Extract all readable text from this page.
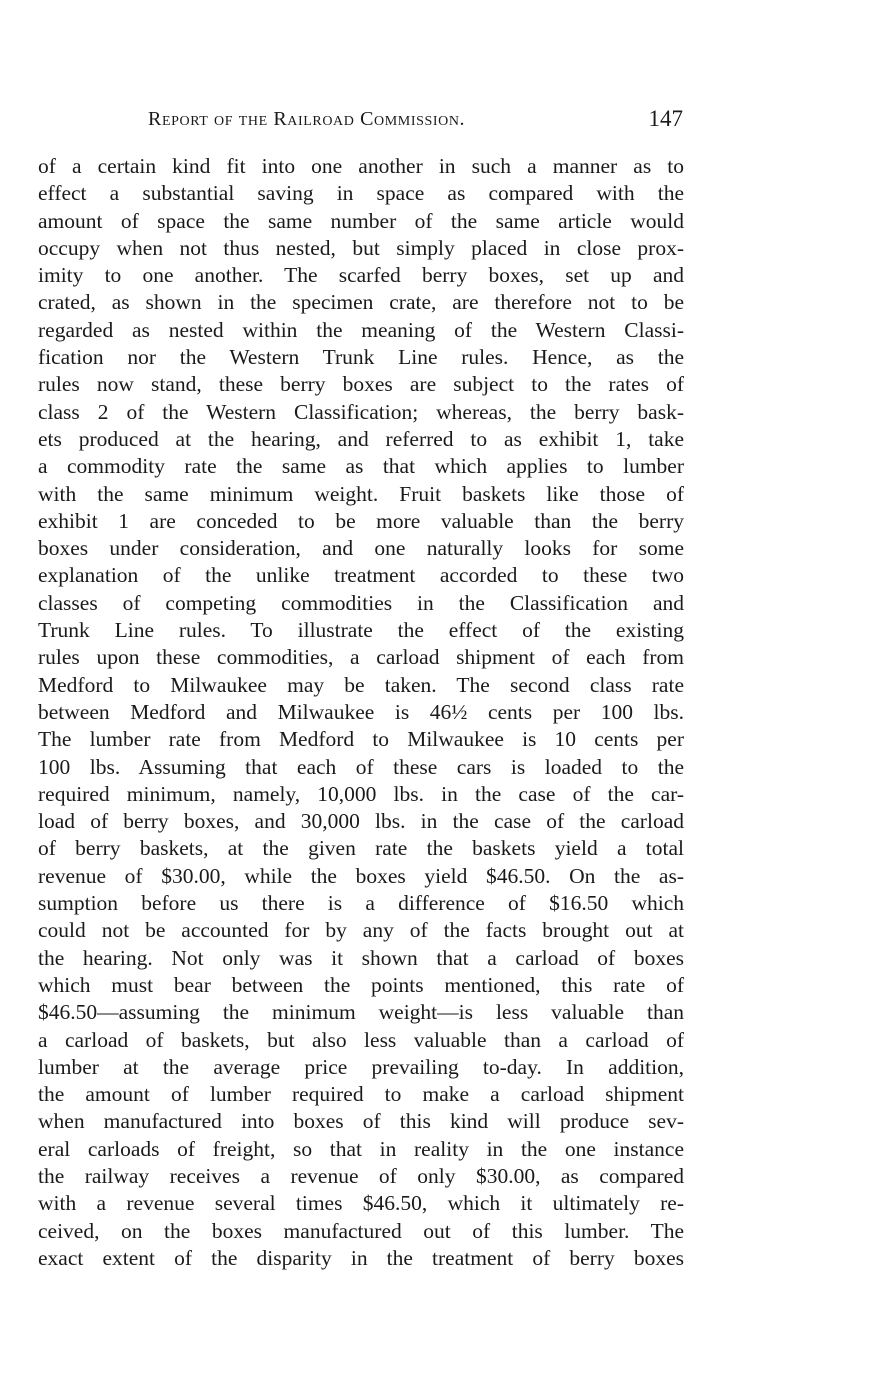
Report of the Railroad Commission.	147
of a certain kind fit into one another in such a manner as to
effect a substantial saving in space as compared with the
amount of space the same number of the same article would
occupy when not thus nested, but simply placed in close prox-
imity to one another. The scarfed berry boxes, set up and
crated, as shown in the specimen crate, are therefore not to be
regarded as nested within the meaning of the Western Classi-
fication nor the Western Trunk Line rules. Hence, as the
rules now stand, these berry boxes are subject to the rates of
class 2 of the Western Classification; whereas, the berry bask-
ets produced at the hearing, and referred to as exhibit 1, take
a commodity rate the same as that which applies to lumber
with the same minimum weight. Fruit baskets like those of
exhibit 1 are conceded to be more valuable than the berry
boxes under consideration, and one naturally looks for some
explanation of the unlike treatment accorded to these two
classes of competing commodities in the Classification and
Trunk Line rules. To illustrate the effect of the existing
rules upon these commodities, a carload shipment of each from
Medford to Milwaukee may be taken. The second class rate
between Medford and Milwaukee is 46½ cents per 100 lbs.
The lumber rate from Medford to Milwaukee is 10 cents per
100 lbs. Assuming that each of these cars is loaded to the
required minimum, namely, 10,000 lbs. in the case of the car-
load of berry boxes, and 30,000 lbs. in the case of the carload
of berry baskets, at the given rate the baskets yield a total
revenue of $30.00, while the boxes yield $46.50. On the as-
sumption before us there is a difference of $16.50 which
could not be accounted for by any of the facts brought out at
the hearing. Not only was it shown that a carload of boxes
which must bear between the points mentioned, this rate of
$46.50—assuming the minimum weight—is less valuable than
a carload of baskets, but also less valuable than a carload of
lumber at the average price prevailing to-day. In addition,
the amount of lumber required to make a carload shipment
when manufactured into boxes of this kind will produce sev-
eral carloads of freight, so that in reality in the one instance
the railway receives a revenue of only $30.00, as compared
with a revenue several times $46.50, which it ultimately re-
ceived, on the boxes manufactured out of this lumber. The
exact extent of the disparity in the treatment of berry boxes
